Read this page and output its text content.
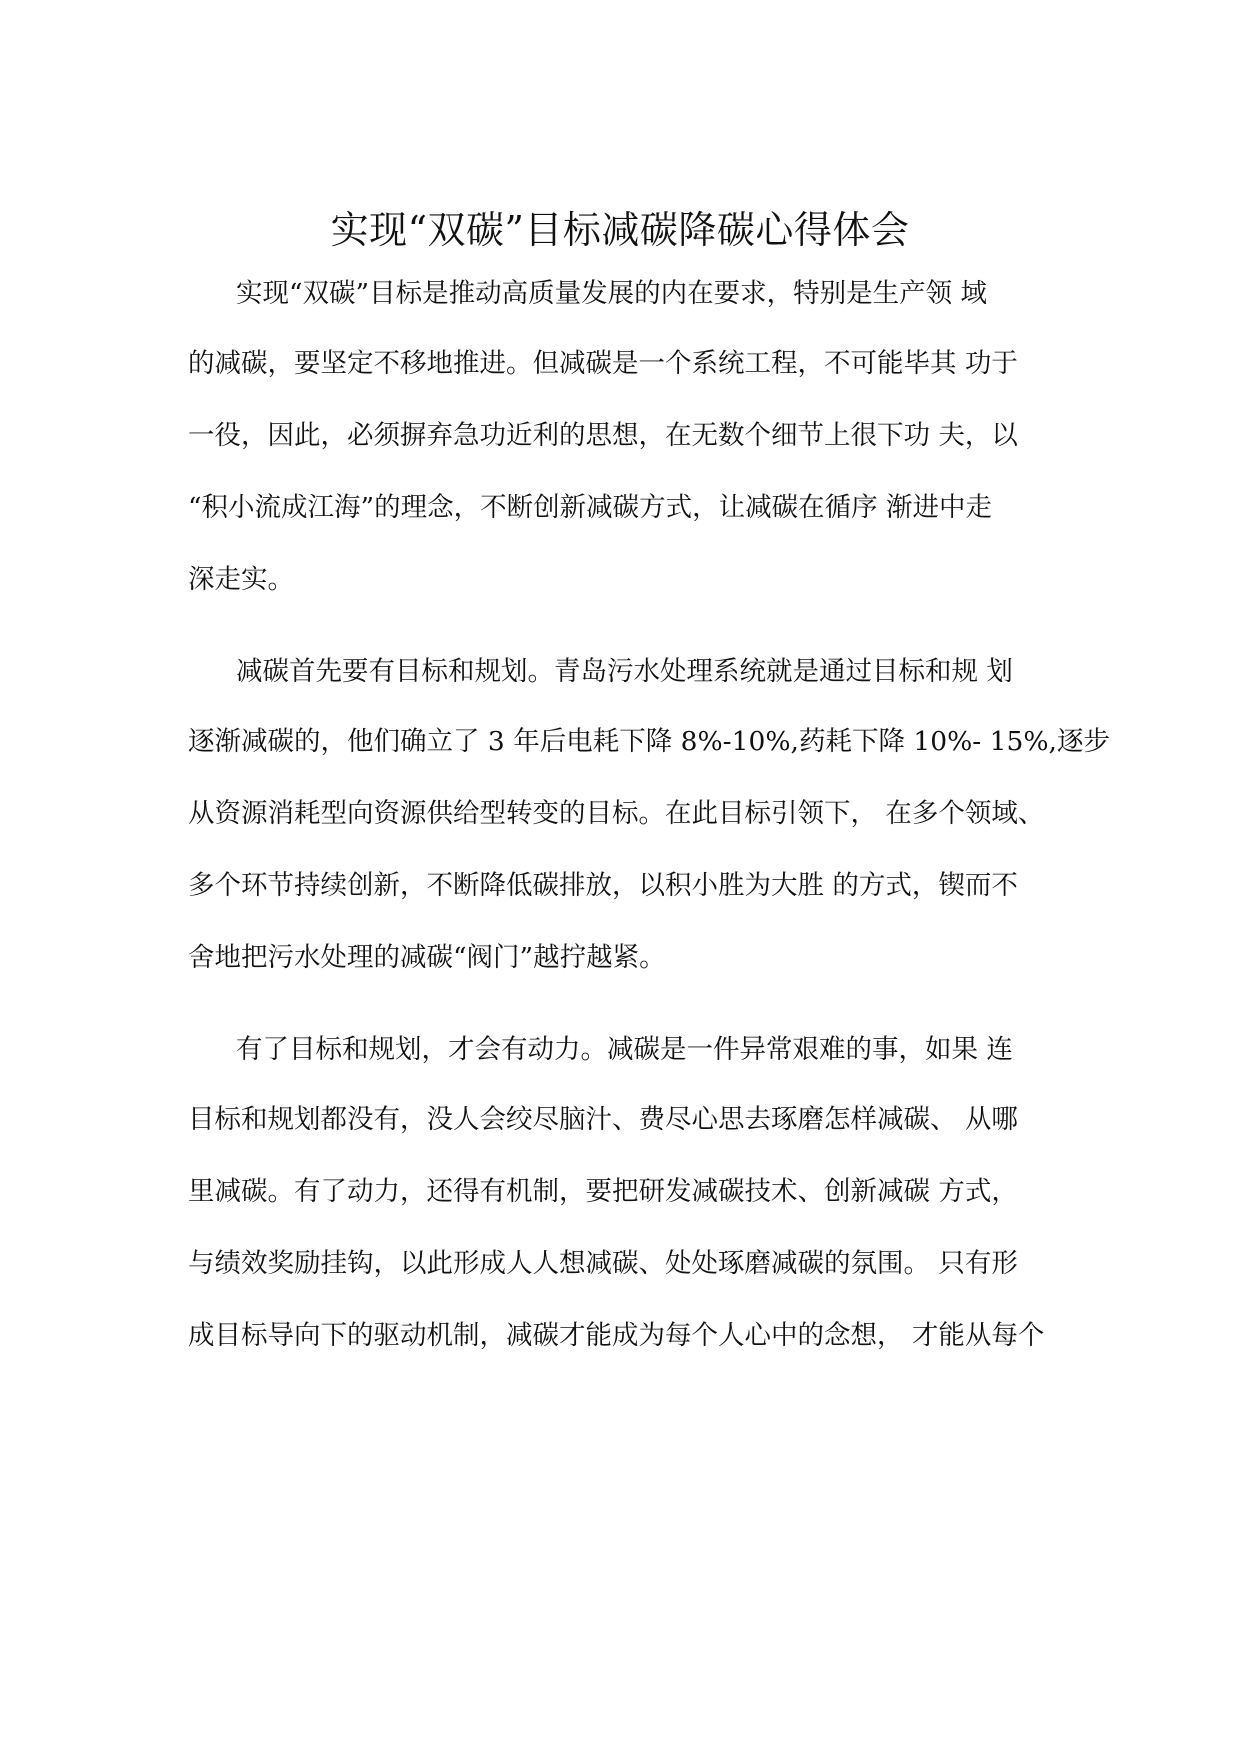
实现“双碳”目标减碳降碳心得体会
实现“双碳”目标是推动高质量发展的内在要求，特别是生产领 域
的减碳，要坚定不移地推进。但减碳是一个系统工程，不可能毕其 功于
一役，因此，必须摒弃急功近利的思想，在无数个细节上很下功 夫，以
“积小流成江海”的理念，不断创新减碳方式，让减碳在循序 渐进中走
深走实。
减碳首先要有目标和规划。青岛污水处理系统就是通过目标和规 划
逐渐减碳的，他们确立了 3 年后电耗下降 8%-10%,药耗下降 10%- 15%,逐步
从资源消耗型向资源供给型转变的目标。在此目标引领下， 在多个领域、
多个环节持续创新，不断降低碳排放，以积小胜为大胜 的方式，锲而不
舍地把污水处理的减碳“阀门”越拧越紧。
有了目标和规划，才会有动力。减碳是一件异常艰难的事，如果 连
目标和规划都没有，没人会绞尽脑汁、费尽心思去琢磨怎样减碳、 从哪
里减碳。有了动力，还得有机制，要把研发减碳技术、创新减碳 方式，
与绩效奖励挂钩，以此形成人人想减碳、处处琢磨减碳的氛围。 只有形
成目标导向下的驱动机制，减碳才能成为每个人心中的念想， 才能从每个
